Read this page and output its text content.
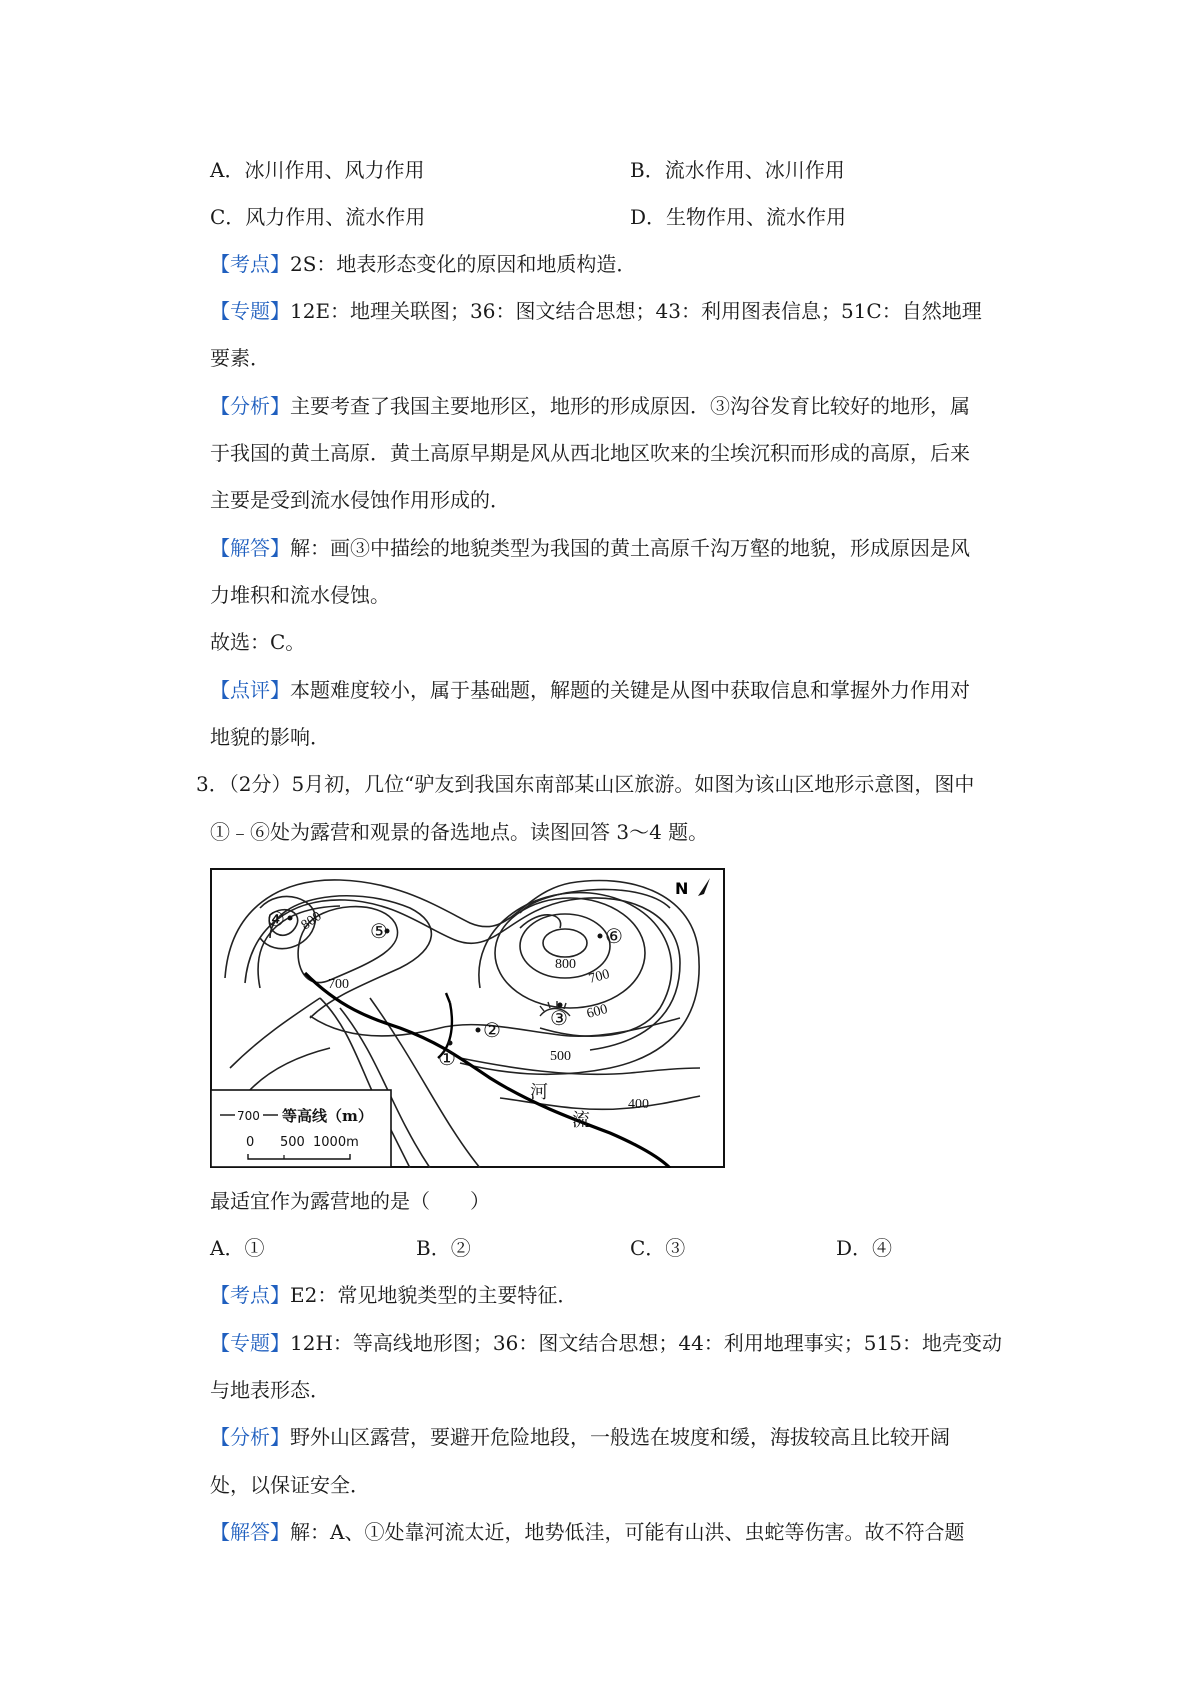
A．冰川作用、风力作用	B．流水作用、冰川作用
C．风力作用、流水作用	D．生物作用、流水作用
【考点】2S：地表形态变化的原因和地质构造．
【专题】12E：地理关联图；36：图文结合思想；43：利用图表信息；51C：自然地理
要素．
【分析】主要考查了我国主要地形区，地形的形成原因．③沟谷发育比较好的地形，属
于我国的黄土高原．黄土高原早期是风从西北地区吹来的尘埃沉积而形成的高原，后来
主要是受到流水侵蚀作用形成的．
【解答】解：画③中描绘的地貌类型为我国的黄土高原千沟万壑的地貌，形成原因是风
力堆积和流水侵蚀。
故选：C。
【点评】本题难度较小，属于基础题，解题的关键是从图中获取信息和掌握外力作用对
地貌的影响．
3．（2分）5月初，几位“驴友到我国东南部某山区旅游。如图为该山区地形示意图，图中
①﹣⑥处为露营和观景的备选地点。读图回答 3～4 题。
N
800
700
800
700
600
500
400
①
② ③
④	⑤	⑥
河
流
700 等高线（m）
0 500 1000m
最适宜作为露营地的是（　　）
A．①	B．②	C．③	D．④
【考点】E2：常见地貌类型的主要特征．
【专题】12H：等高线地形图；36：图文结合思想；44：利用地理事实；515：地壳变动
与地表形态．
【分析】野外山区露营，要避开危险地段，一般选在坡度和缓，海拔较高且比较开阔
处，以保证安全．
【解答】解：A、①处靠河流太近，地势低洼，可能有山洪、虫蛇等伤害。故不符合题
